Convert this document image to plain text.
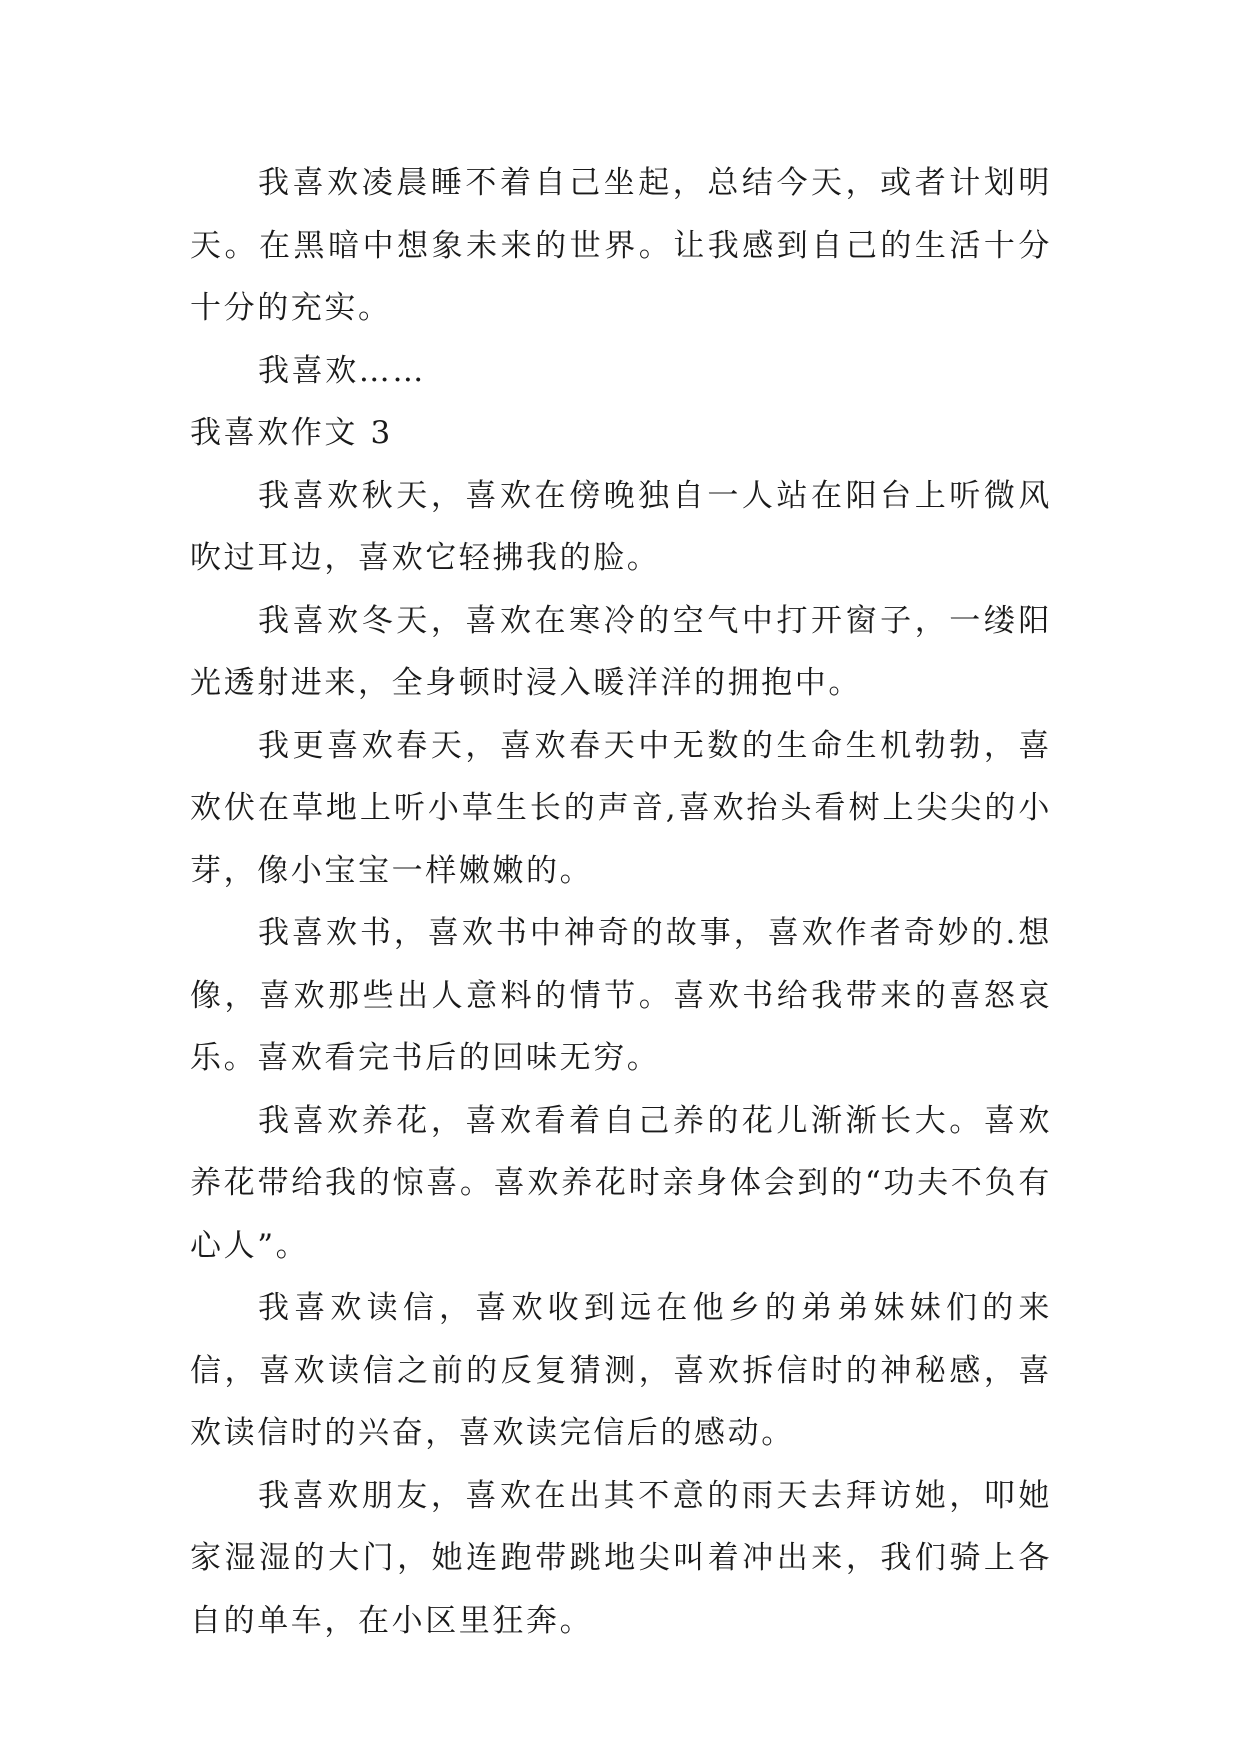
我喜欢凌晨睡不着自己坐起，总结今天，或者计划明天。在黑暗中想象未来的世界。让我感到自己的生活十分十分的充实。

我喜欢……

我喜欢作文 3

我喜欢秋天，喜欢在傍晚独自一人站在阳台上听微风吹过耳边，喜欢它轻拂我的脸。

我喜欢冬天，喜欢在寒冷的空气中打开窗子，一缕阳光透射进来，全身顿时浸入暖洋洋的拥抱中。

我更喜欢春天，喜欢春天中无数的生命生机勃勃，喜欢伏在草地上听小草生长的声音,喜欢抬头看树上尖尖的小芽，像小宝宝一样嫩嫩的。

我喜欢书，喜欢书中神奇的故事，喜欢作者奇妙的.想像，喜欢那些出人意料的情节。喜欢书给我带来的喜怒哀乐。喜欢看完书后的回味无穷。

我喜欢养花，喜欢看着自己养的花儿渐渐长大。喜欢养花带给我的惊喜。喜欢养花时亲身体会到的“功夫不负有心人”。

我喜欢读信，喜欢收到远在他乡的弟弟妹妹们的来信，喜欢读信之前的反复猜测，喜欢拆信时的神秘感，喜欢读信时的兴奋，喜欢读完信后的感动。

我喜欢朋友，喜欢在出其不意的雨天去拜访她，叩她家湿湿的大门，她连跑带跳地尖叫着冲出来，我们骑上各自的单车，在小区里狂奔。
